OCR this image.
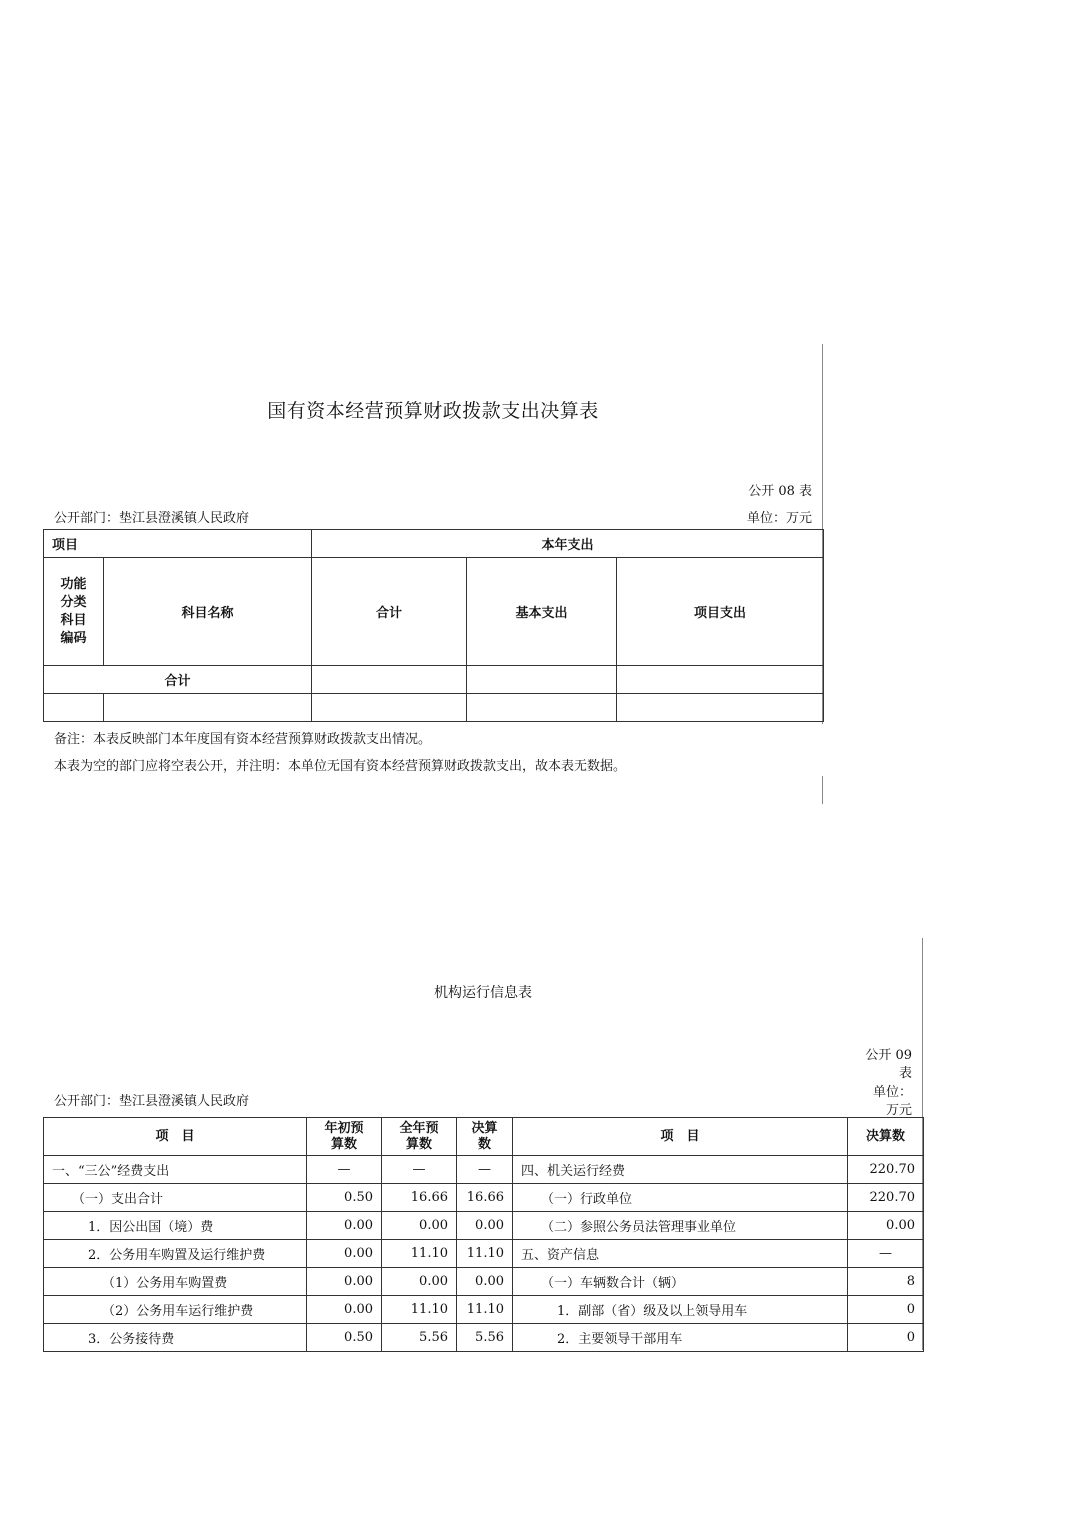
国有资本经营预算财政拨款支出决算表
公开 08 表
公开部门：垫江县澄溪镇人民政府	单位：万元
项目		本年支出		
功能分类科目编码	科目名称	合计	基本支出	项目支出
合计				

备注：本表反映部门本年度国有资本经营预算财政拨款支出情况。
本表为空的部门应将空表公开，并注明：本单位无国有资本经营预算财政拨款支出，故本表无数据。
机构运行信息表
公开 09
表
单位：
万元
公开部门：垫江县澄溪镇人民政府
项　目	年初预算数	全年预算数	决算数	项　目	决算数
一、“三公”经费支出	—	—	—	四、机关运行经费	220.70
（一）支出合计	0.50	16.66	16.66	（一）行政单位	220.70
1．因公出国（境）费	0.00	0.00	0.00	（二）参照公务员法管理事业单位	0.00
2．公务用车购置及运行维护费	0.00	11.10	11.10	五、资产信息	—
（1）公务用车购置费	0.00	0.00	0.00	（一）车辆数合计（辆）	8
（2）公务用车运行维护费	0.00	11.10	11.10	1．副部（省）级及以上领导用车	0
3．公务接待费	0.50	5.56	5.56	2．主要领导干部用车	0
